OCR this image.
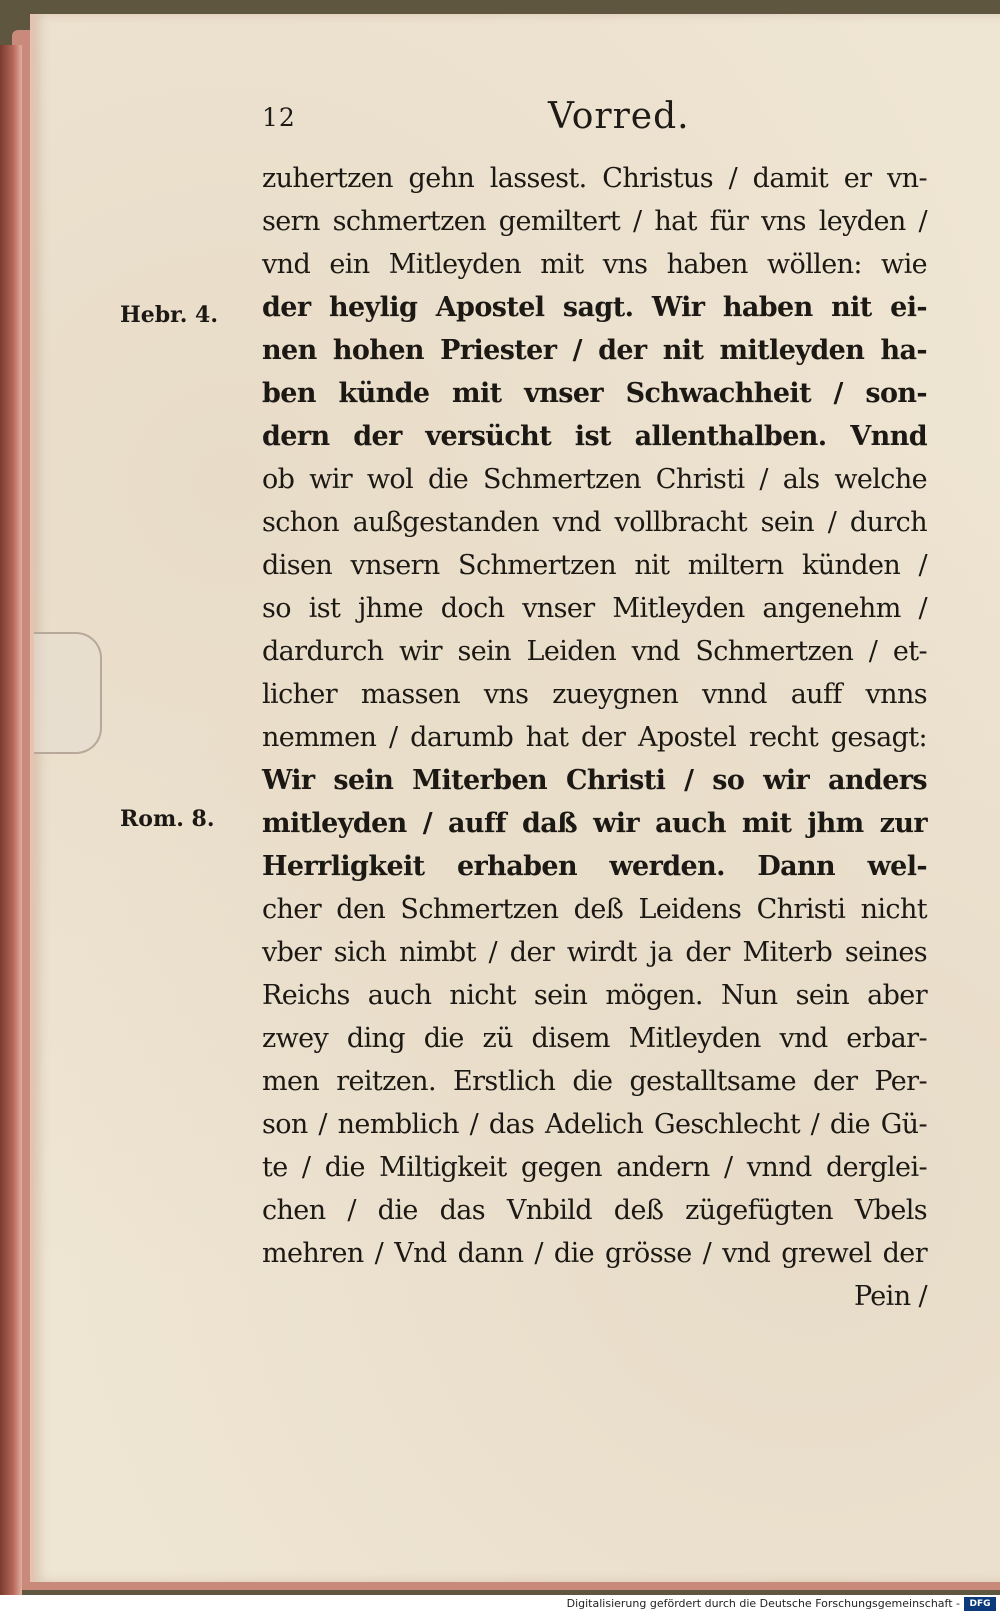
12	Vorred.
Hebr. 4.
Rom. 8.
zuhertzen gehn lassest. Christus / damit er vn-
sern schmertzen gemiltert / hat für vns leyden /
vnd ein Mitleyden mit vns haben wöllen: wie
der heylig Apostel sagt. Wir haben nit ei-
nen hohen Priester / der nit mitleyden ha-
ben künde mit vnser Schwachheit / son-
dern der versücht ist allenthalben. Vnnd
ob wir wol die Schmertzen Christi / als welche
schon außgestanden vnd vollbracht sein / durch
disen vnsern Schmertzen nit miltern künden /
so ist jhme doch vnser Mitleyden angenehm /
dardurch wir sein Leiden vnd Schmertzen / et-
licher massen vns zueygnen vnnd auff vnns
nemmen / darumb hat der Apostel recht gesagt:
Wir sein Miterben Christi / so wir anders
mitleyden / auff daß wir auch mit jhm zur
Herrligkeit erhaben werden. Dann wel-
cher den Schmertzen deß Leidens Christi nicht
vber sich nimbt / der wirdt ja der Miterb seines
Reichs auch nicht sein mögen. Nun sein aber
zwey ding die zü disem Mitleyden vnd erbar-
men reitzen. Erstlich die gestalltsame der Per-
son / nemblich / das Adelich Geschlecht / die Gü-
te / die Miltigkeit gegen andern / vnnd derglei-
chen / die das Vnbild deß zügefügten Vbels
mehren / Vnd dann / die grösse / vnd grewel der
Pein /
Digitalisierung gefördert durch die Deutsche Forschungsgemeinschaft -	DFG
